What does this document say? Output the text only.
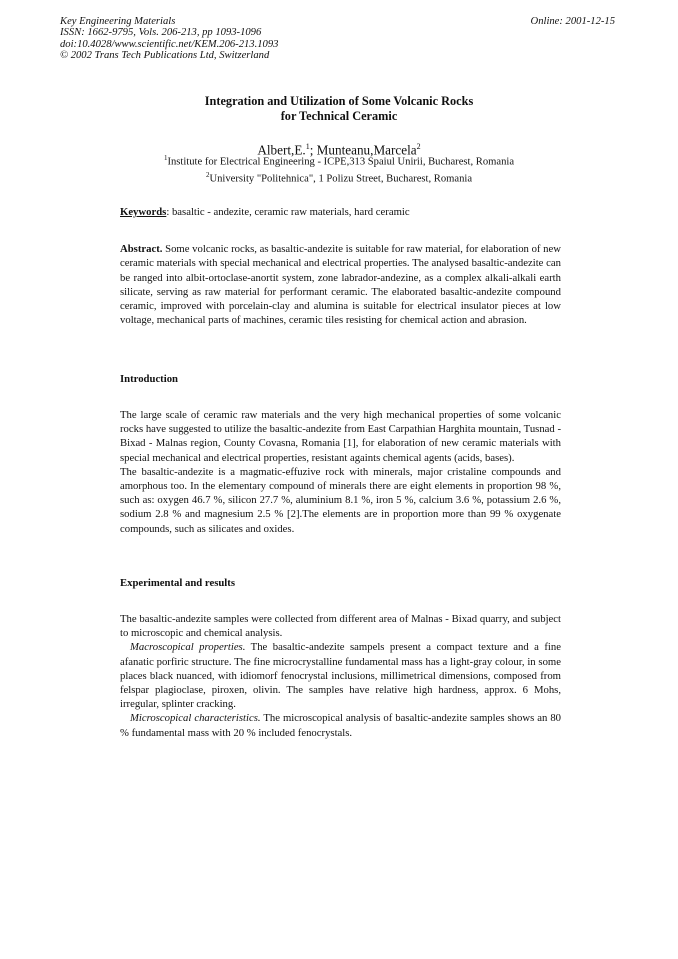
Key Engineering Materials
ISSN: 1662-9795, Vols. 206-213, pp 1093-1096
doi:10.4028/www.scientific.net/KEM.206-213.1093
© 2002 Trans Tech Publications Ltd, Switzerland
Online: 2001-12-15
Integration and Utilization of Some Volcanic Rocks
for Technical Ceramic
Albert,E.$^1$; Munteanu,Marcela$^2$
$^1$Institute for Electrical Engineering - ICPE,313 Spaiul Unirii, Bucharest, Romania
$^2$University "Politehnica", 1 Polizu Street, Bucharest, Romania
Keywords: basaltic - andezite, ceramic raw materials, hard ceramic
Abstract. Some volcanic rocks, as basaltic-andezite is suitable for raw material, for elaboration of new ceramic materials with special mechanical and electrical properties. The analysed basaltic-andezite can be ranged into albit-ortoclase-anortit system, zone labrador-andezine, as a complex alkali-alkali earth silicate, serving as raw material for performant ceramic. The elaborated basaltic-andezite compound ceramic, improved with porcelain-clay and alumina is suitable for electrical insulator pieces at low voltage, mechanical parts of machines, ceramic tiles resisting for chemical action and abrasion.
Introduction

The large scale of ceramic raw materials and the very high mechanical properties of some volcanic rocks have suggested to utilize the basaltic-andezite from East Carpathian Harghita mountain, Tusnad - Bixad - Malnas region, County Covasna, Romania [1], for elaboration of new ceramic materials with special mechanical and electrical properties, resistant againts chemical agents (acids, bases).

The basaltic-andezite is a magmatic-effuzive rock with minerals, major cristaline compounds and amorphous too. In the elementary compound of minerals there are eight elements in proportion 98 %, such as: oxygen 46.7 %, silicon 27.7 %, aluminium 8.1 %, iron 5 %, calcium 3.6 %, potassium 2.6 %, sodium 2.8 % and magnesium 2.5 % [2].The elements are in proportion more than 99 % oxygenate compounds, such as silicates and oxides.

Experimental and results

The basaltic-andezite samples were collected from different area of Malnas - Bixad quarry, and subject to microscopic and chemical analysis.

Macroscopical properties. The basaltic-andezite sampels present a compact texture and a fine afanatic porfiric structure. The fine microcrystalline fundamental mass has a light-gray colour, in some places black nuanced, with idiomorf fenocrystal inclusions, millimetrical dimensions, composed from felspar plagioclase, piroxen, olivin. The samples have relative high hardness, approx. 6 Mohs, irregular, splinter cracking.

Microscopical characteristics. The microscopical analysis of basaltic-andezite samples shows an 80 % fundamental mass with 20 % included fenocrystals.
